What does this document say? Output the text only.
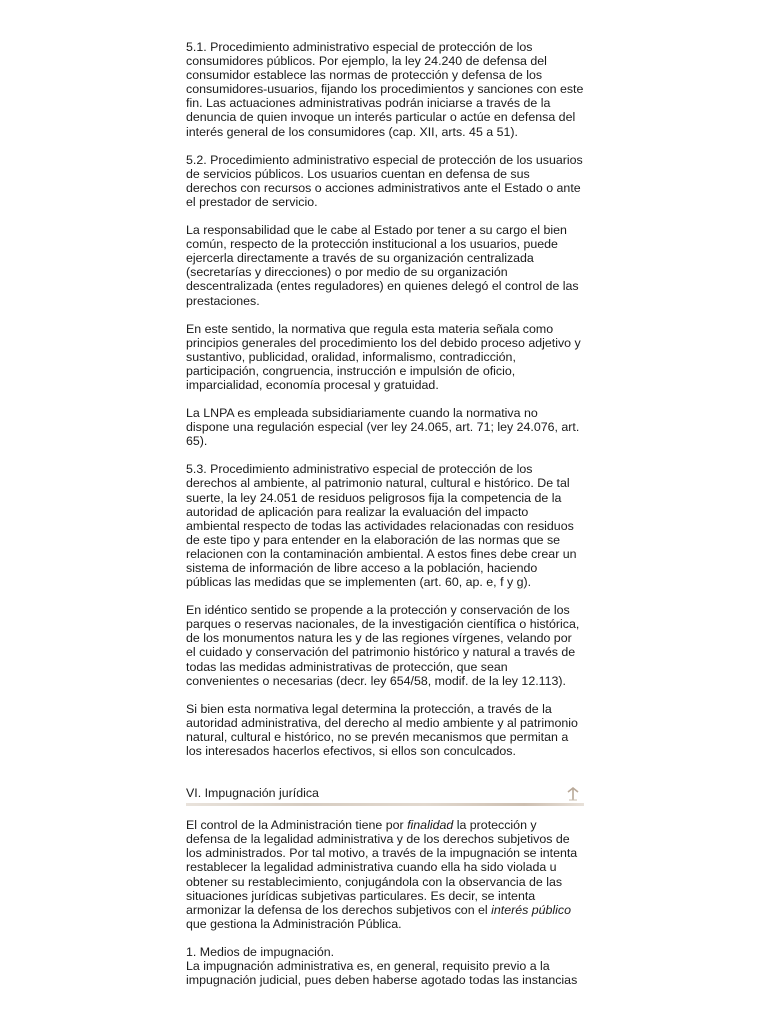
5.1. Procedimiento administrativo especial de protección de los consumidores públicos. Por ejemplo, la ley 24.240 de defensa del consumidor establece las normas de protección y defensa de los consumidores-usuarios, fijando los procedimientos y sanciones con este fin. Las actuaciones administrativas podrán iniciarse a través de la denuncia de quien invoque un interés particular o actúe en defensa del interés general de los consumidores (cap. XII, arts. 45 a 51).

5.2. Procedimiento administrativo especial de protección de los usuarios de servicios públicos. Los usuarios cuentan en defensa de sus derechos con recursos o acciones administrativos ante el Estado o ante el prestador de servicio.

La responsabilidad que le cabe al Estado por tener a su cargo el bien común, respecto de la protección institucional a los usuarios, puede ejercerla directamente a través de su organización centralizada (secretarías y direcciones) o por medio de su organización descentralizada (entes reguladores) en quienes delegó el control de las prestaciones.

En este sentido, la normativa que regula esta materia señala como principios generales del procedimiento los del debido proceso adjetivo y sustantivo, publicidad, oralidad, informalismo, contradicción, participación, congruencia, instrucción e impulsión de oficio, imparcialidad, economía procesal y gratuidad.

La LNPA es empleada subsidiariamente cuando la normativa no dispone una regulación especial (ver ley 24.065, art. 71; ley 24.076, art. 65).

5.3. Procedimiento administrativo especial de protección de los derechos al ambiente, al patrimonio natural, cultural e histórico. De tal suerte, la ley 24.051 de residuos peligrosos fija la competencia de la autoridad de aplicación para realizar la evaluación del impacto ambiental respecto de todas las actividades relacionadas con residuos de este tipo y para entender en la elaboración de las normas que se relacionen con la contaminación ambiental. A estos fines debe crear un sistema de información de libre acceso a la población, haciendo públicas las medidas que se implementen (art. 60, ap. e, f y g).

En idéntico sentido se propende a la protección y conservación de los parques o reservas nacionales, de la investigación científica o histórica, de los monumentos natura les y de las regiones vírgenes, velando por el cuidado y conservación del patrimonio histórico y natural a través de todas las medidas administrativas de protección, que sean convenientes o necesarias (decr. ley 654/58, modif. de la ley 12.113).

Si bien esta normativa legal determina la protección, a través de la autoridad administrativa, del derecho al medio ambiente y al patrimonio natural, cultural e histórico, no se prevén mecanismos que permitan a los interesados hacerlos efectivos, si ellos son conculcados.

VI. Impugnación jurídica

El control de la Administración tiene por finalidad la protección y defensa de la legalidad administrativa y de los derechos subjetivos de los administrados. Por tal motivo, a través de la impugnación se intenta restablecer la legalidad administrativa cuando ella ha sido violada u obtener su restablecimiento, conjugándola con la observancia de las situaciones jurídicas subjetivas particulares. Es decir, se intenta armonizar la defensa de los derechos subjetivos con el interés público que gestiona la Administración Pública.

1. Medios de impugnación.

La impugnación administrativa es, en general, requisito previo a la impugnación judicial, pues deben haberse agotado todas las instancias
